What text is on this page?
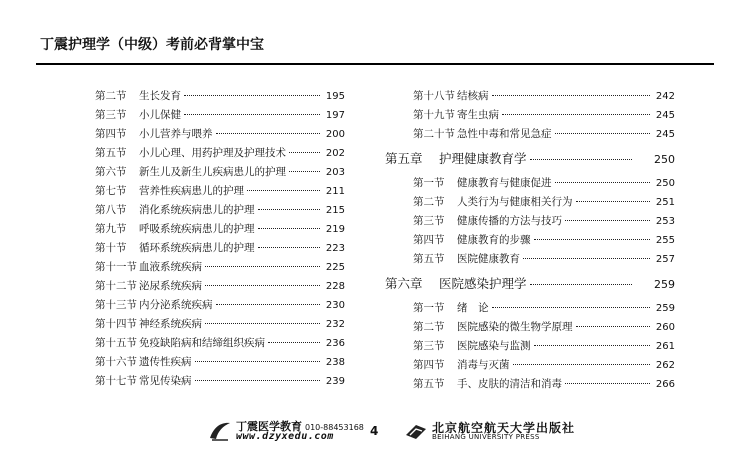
丁震护理学（中级）考前必背掌中宝
第二节	生长发育	195
第三节	小儿保健	197
第四节	小儿营养与喂养	200
第五节	小儿心理、用药护理及护理技术	202
第六节	新生儿及新生儿疾病患儿的护理	203
第七节	营养性疾病患儿的护理	211
第八节	消化系统疾病患儿的护理	215
第九节	呼吸系统疾病患儿的护理	219
第十节	循环系统疾病患儿的护理	223
第十一节 血液系统疾病	225
第十二节 泌尿系统疾病	228
第十三节 内分泌系统疾病	230
第十四节 神经系统疾病	232
第十五节 免疫缺陷病和结缔组织疾病	236
第十六节 遗传性疾病	238
第十七节 常见传染病	239
第十八节 结核病	242
第十九节 寄生虫病	245
第二十节 急性中毒和常见急症	245
第五章	护理健康教育学	250
第一节	健康教育与健康促进	250
第二节	人类行为与健康相关行为	251
第三节	健康传播的方法与技巧	253
第四节	健康教育的步骤	255
第五节	医院健康教育	257
第六章	医院感染护理学	259
第一节	绪　论	259
第二节	医院感染的微生物学原理	260
第三节	医院感染与监测	261
第四节	消毒与灭菌	262
第五节	手、皮肤的清洁和消毒	266
丁震医学教育 010-88453168
www.dzyxedu.com	4	北京航空航天大学出版社
BEIHANG UNIVERSITY PRESS
